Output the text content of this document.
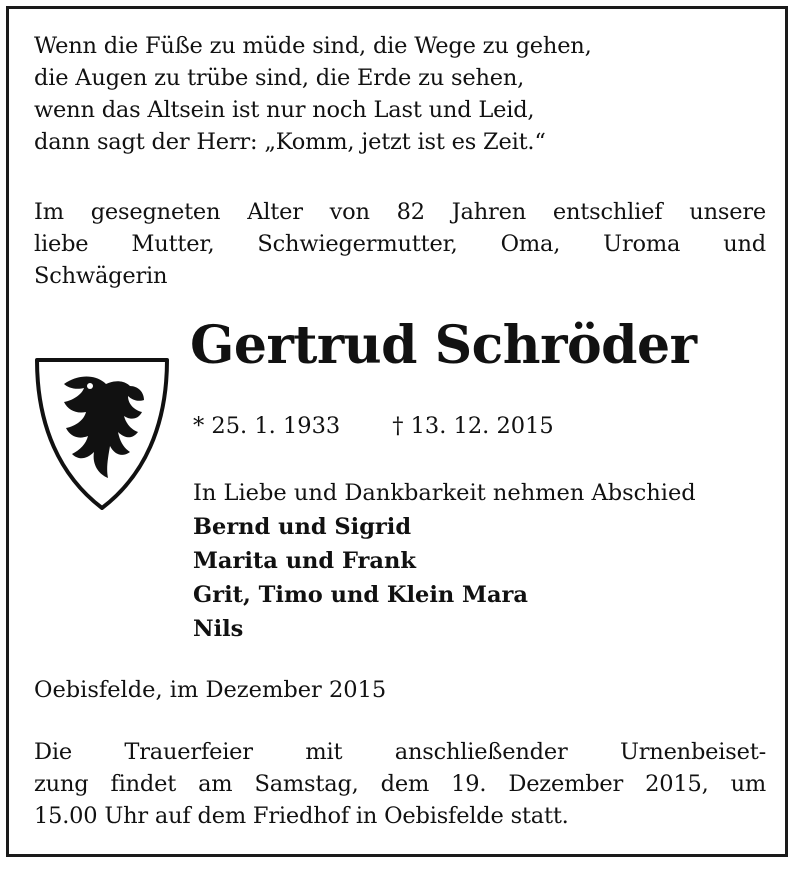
Wenn die Füße zu müde sind, die Wege zu gehen,
die Augen zu trübe sind, die Erde zu sehen,
wenn das Altsein ist nur noch Last und Leid,
dann sagt der Herr: „Komm, jetzt ist es Zeit.“
Im gesegneten Alter von 82 Jahren entschlief unsere
liebe Mutter, Schwiegermutter, Oma, Uroma und
Schwägerin
Gertrud Schröder
* 25. 1. 1933 † 13. 12. 2015
In Liebe und Dankbarkeit nehmen Abschied
Bernd und Sigrid
Marita und Frank
Grit, Timo und Klein Mara
Nils
Oebisfelde, im Dezember 2015
Die Trauerfeier mit anschließender Urnenbeiset-
zung findet am Samstag, dem 19. Dezember 2015, um
15.00 Uhr auf dem Friedhof in Oebisfelde statt.
